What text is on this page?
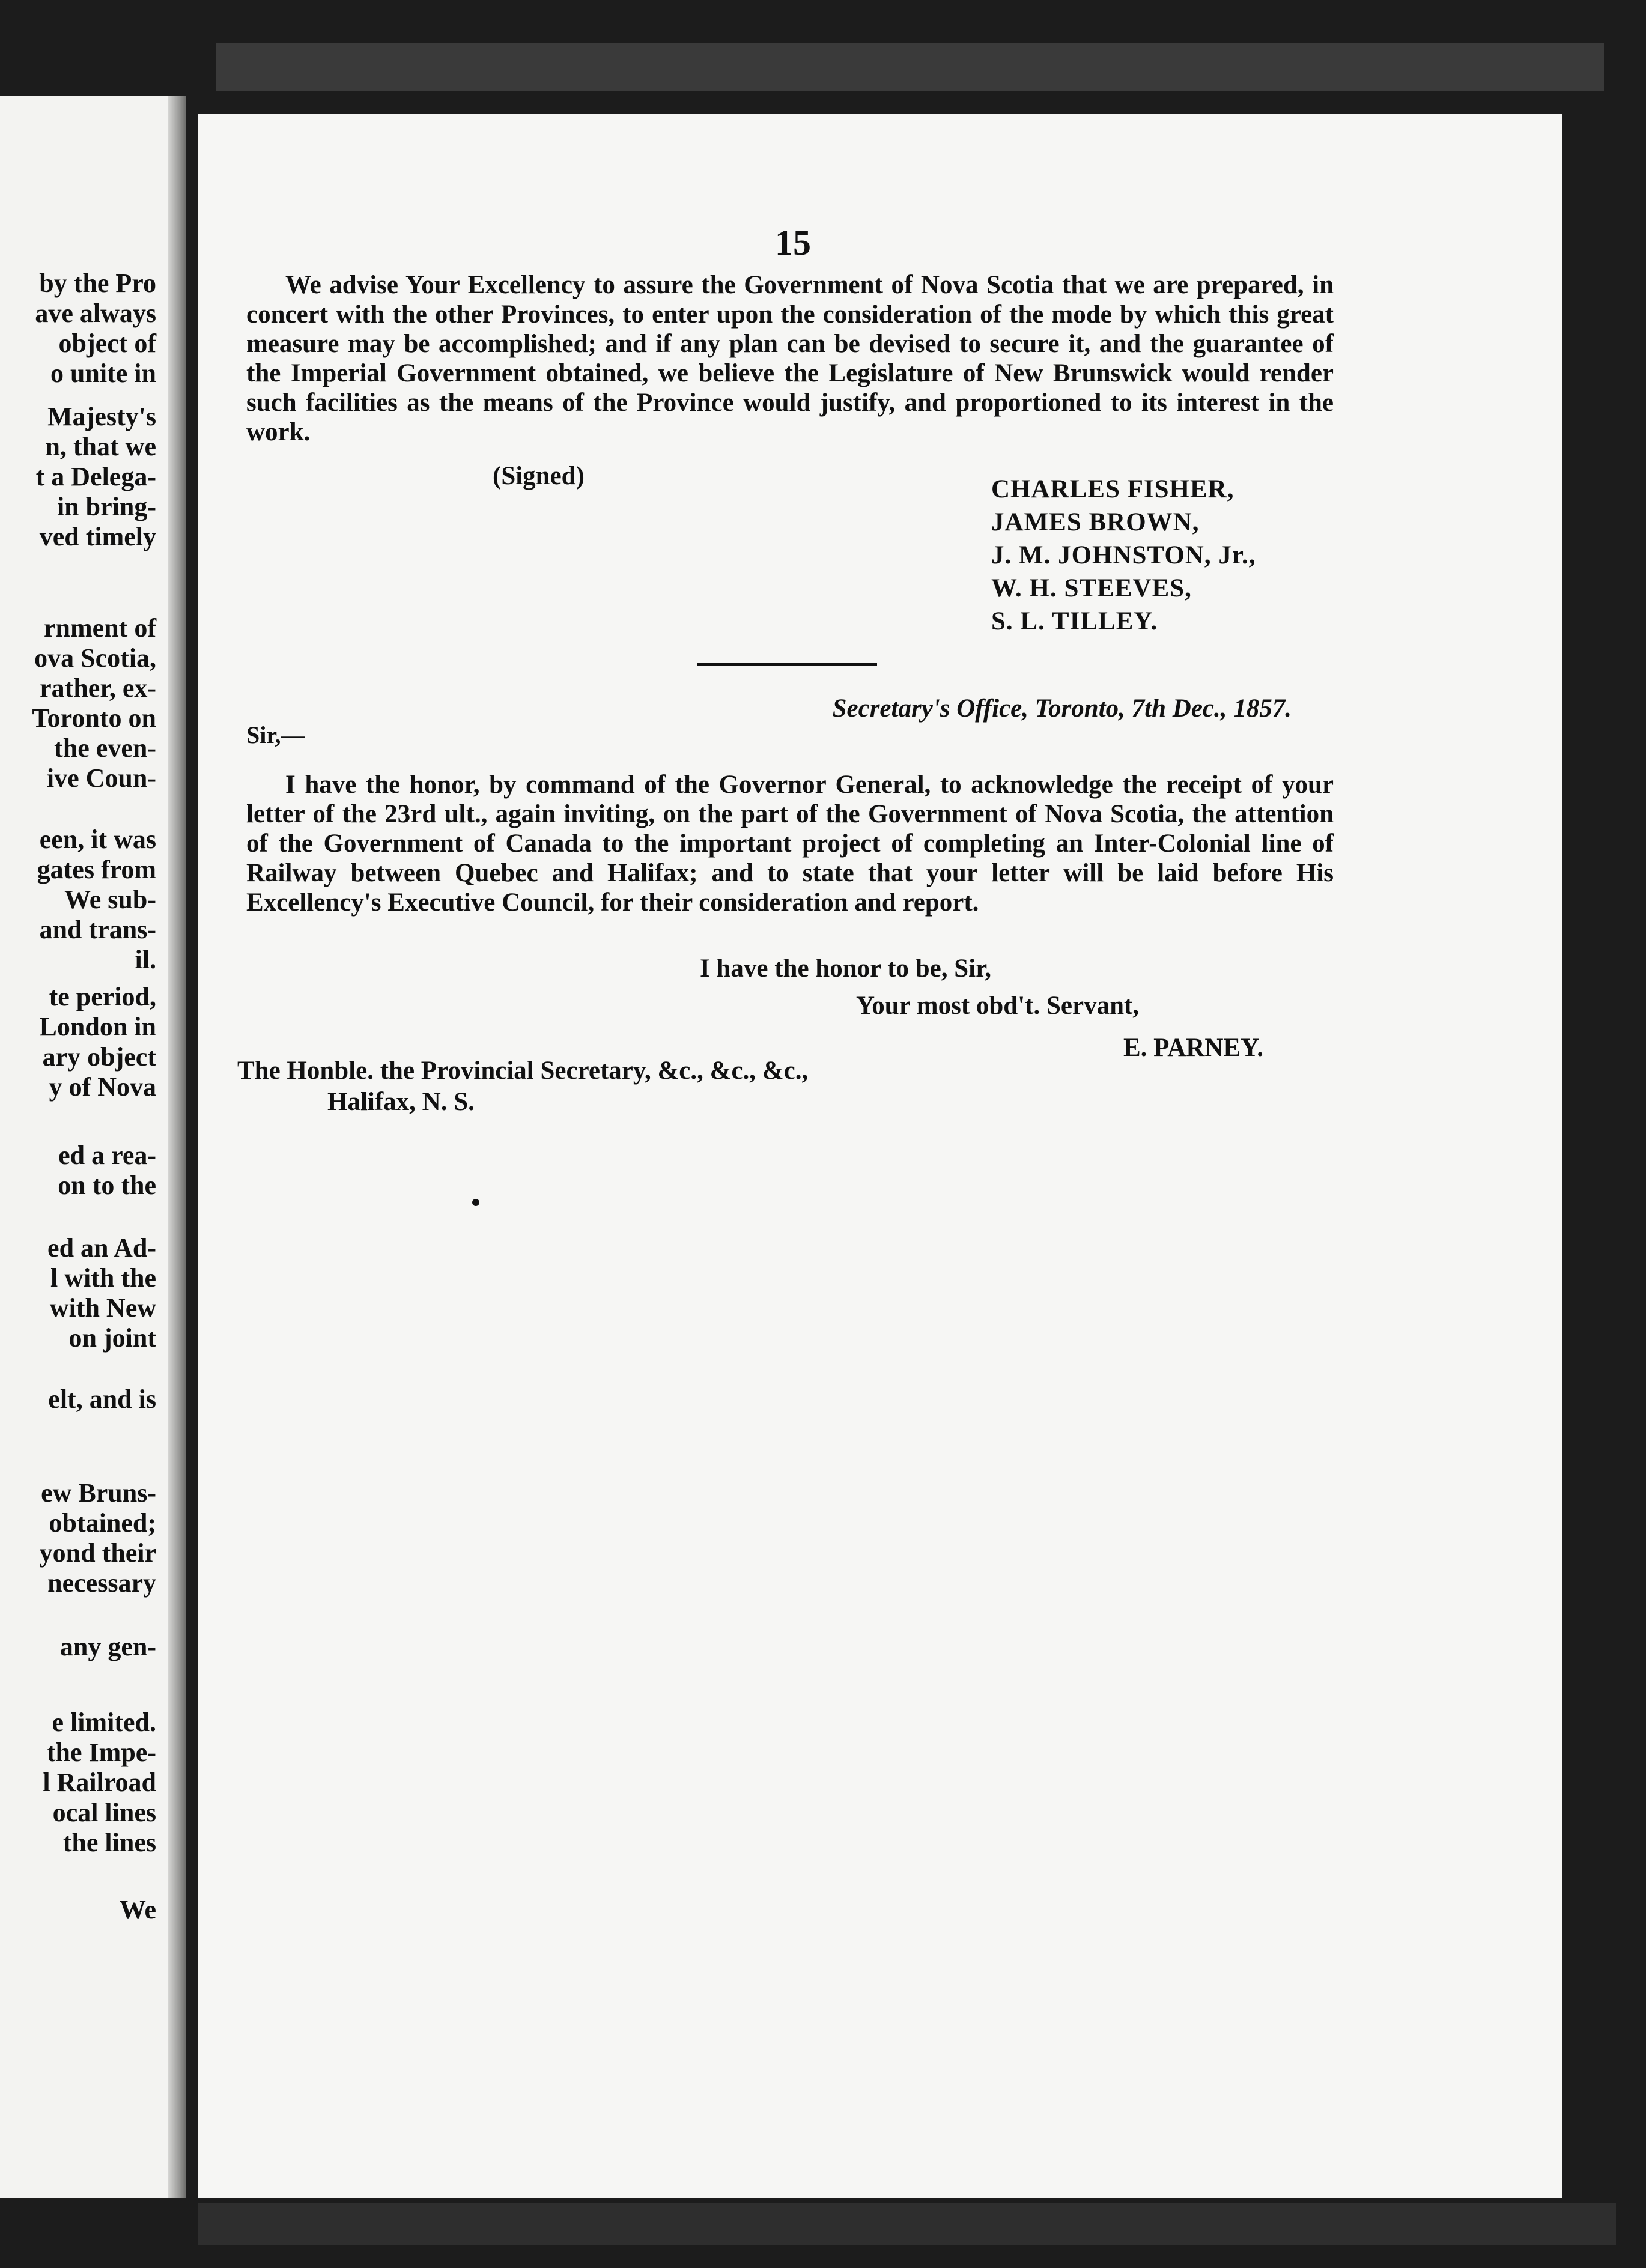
by the Pro

ave always

object of

o unite in

Majesty's

n, that we

t a Delega-

in bring-

ved timely

rnment of

ova Scotia,

rather, ex-

Toronto on

the even-

ive Coun-

een, it was

gates from

We sub-

and trans-

il.

te period,

London in

ary object

y of Nova

ed a rea-

on to the

ed an Ad-

l with the

with New

on joint

elt, and is

ew Bruns-

obtained;

yond their

necessary

any gen-

e limited.

the Impe-

l Railroad

ocal lines

the lines

We

15

We advise Your Excellency to assure the Government of Nova Scotia that we are prepared, in concert with the other Provinces, to enter upon the consideration of the mode by which this great measure may be accomplished; and if any plan can be devised to secure it, and the guarantee of the Imperial Government obtained, we believe the Legislature of New Brunswick would render such facilities as the means of the Province would justify, and proportioned to its interest in the work.

(Signed)	CHARLES FISHER,

JAMES BROWN,

J. M. JOHNSTON, Jr.,

W. H. STEEVES,

S. L. TILLEY.

Secretary's Office, Toronto, 7th Dec., 1857.

Sir,—

I have the honor, by command of the Governor General, to acknowledge the receipt of your letter of the 23rd ult., again inviting, on the part of the Government of Nova Scotia, the attention of the Government of Canada to the important project of completing an Inter-Colonial line of Railway between Quebec and Halifax; and to state that your letter will be laid before His Excellency's Executive Council, for their consideration and report.

I have the honor to be, Sir,

Your most obd't. Servant,

E. PARNEY.

The Honble. the Provincial Secretary, &c., &c., &c.,

Halifax, N. S.
